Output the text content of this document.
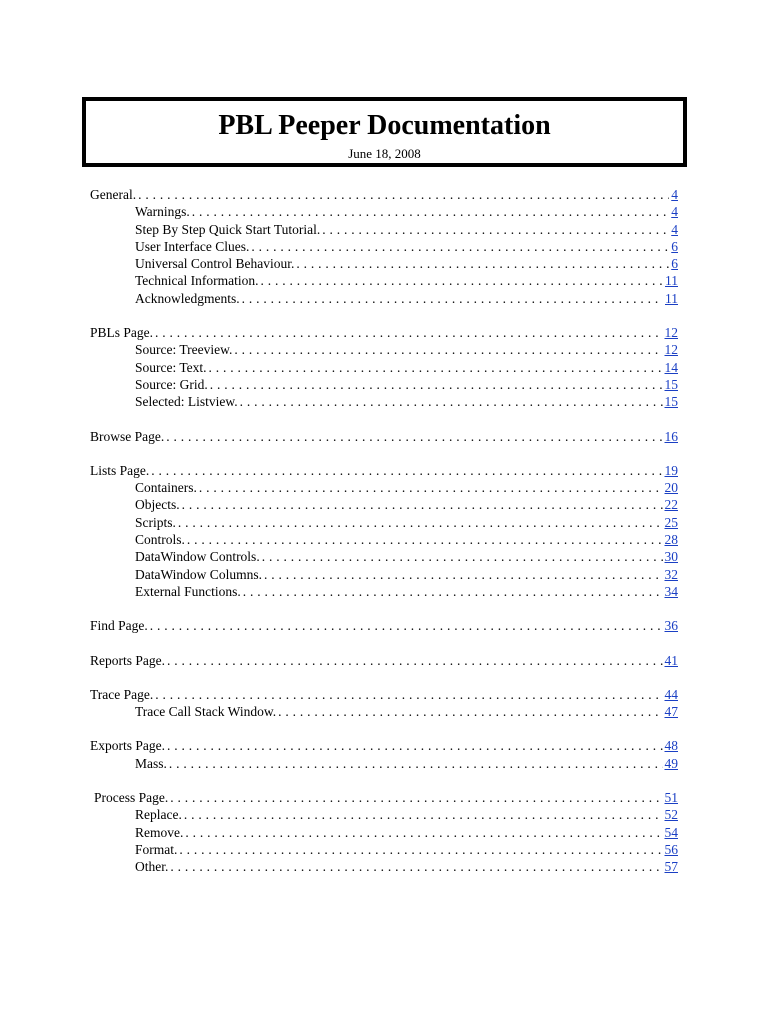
PBL Peeper Documentation
June 18, 2008
General. . . .	4
Warnings. . . .	4
Step By Step Quick Start Tutorial. . . .	4
User Interface Clues. . . .	6
Universal Control Behaviour. . . .	6
Technical Information. . . .	11
Acknowledgments. . . .	11
PBLs Page. . . .	12
Source: Treeview. . . .	12
Source: Text. . . .	14
Source: Grid. . . .	15
Selected: Listview. . . .	15
Browse Page. . . .	16
Lists Page. . . .	19
Containers. . . .	20
Objects. . . .	22
Scripts. . . .	25
Controls. . . .	28
DataWindow Controls. . . .	30
DataWindow Columns. . . .	32
External Functions. . . .	34
Find Page. . . .	36
Reports Page. . . .	41
Trace Page. . . .	44
Trace Call Stack Window. . . .	47
Exports Page. . . .	48
Mass. . . .	49
Process Page. . . .	51
Replace. . . .	52
Remove. . . .	54
Format. . . .	56
Other. . . .	57
